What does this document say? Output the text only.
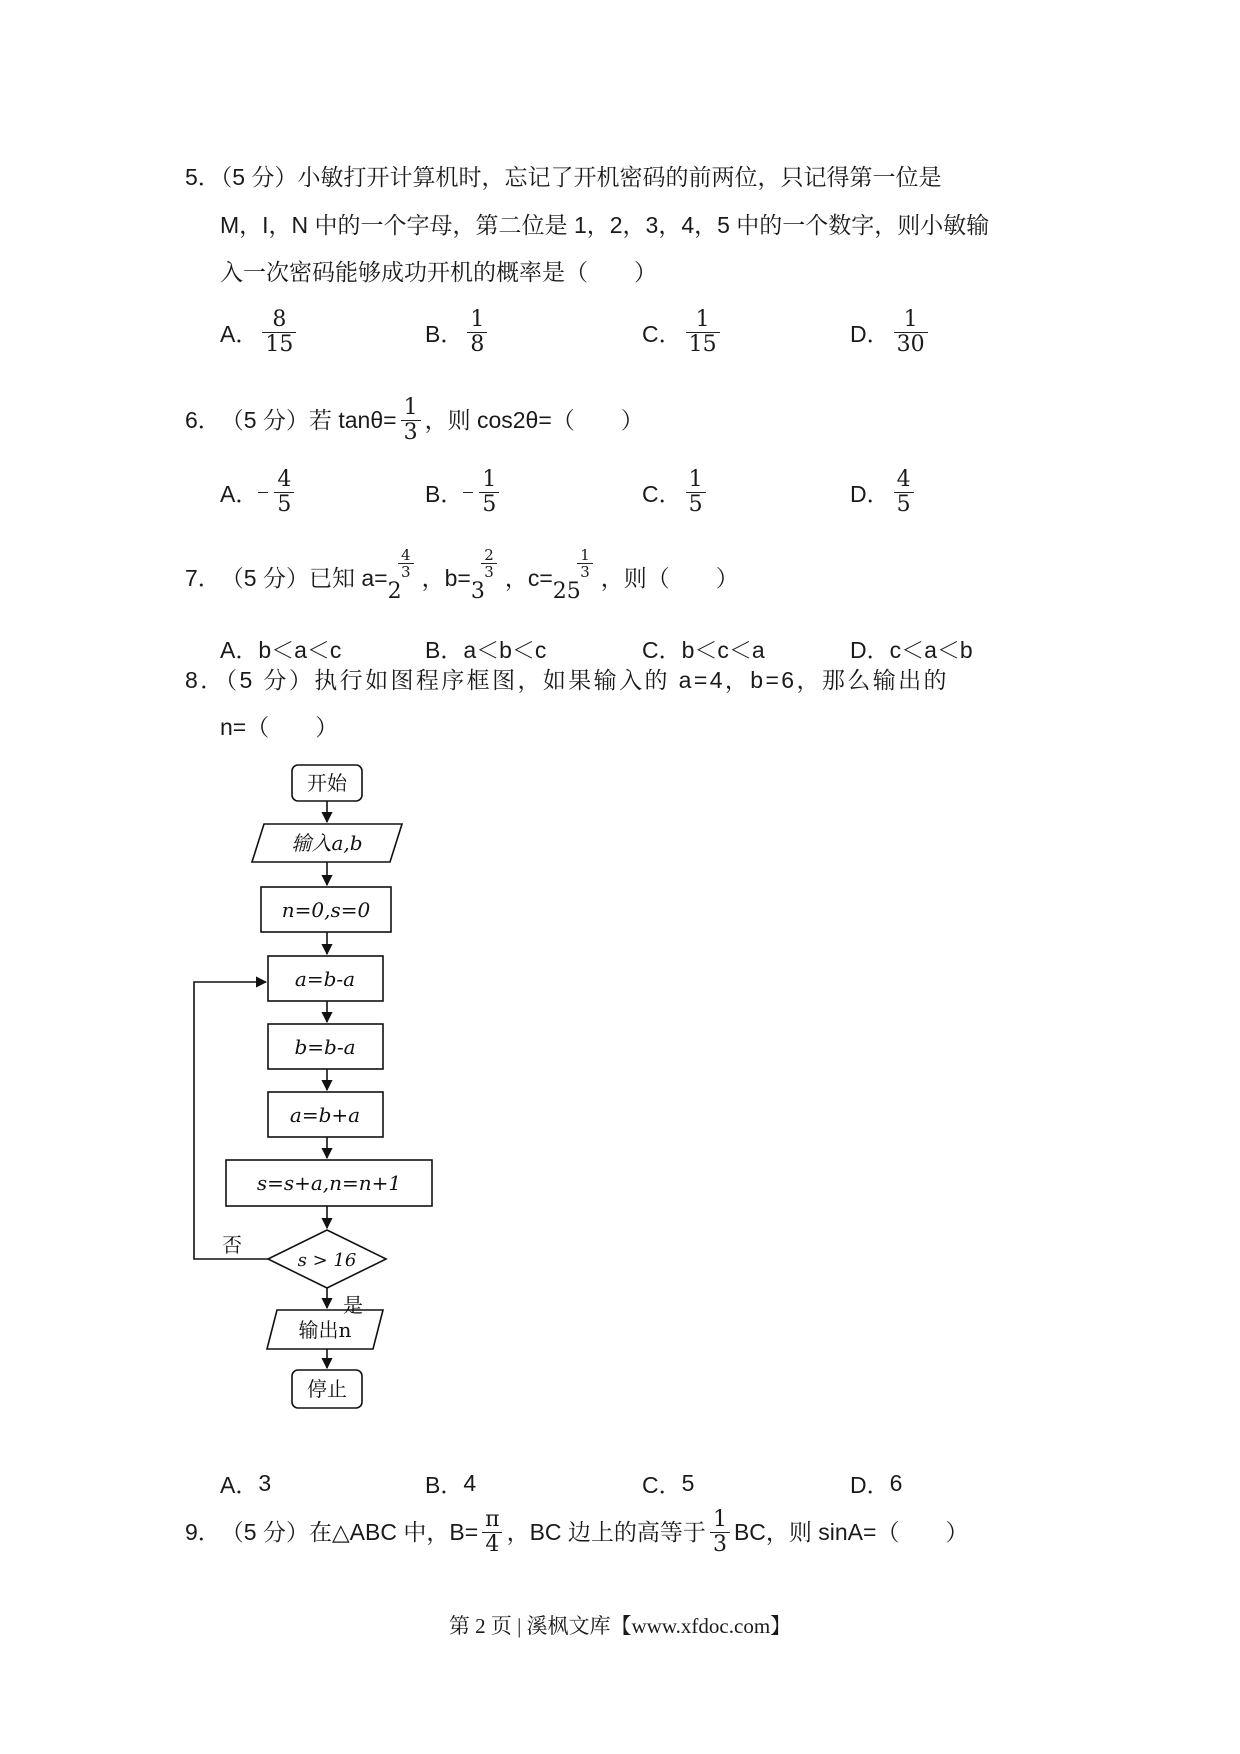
5．（5 分）小敏打开计算机时，忘记了开机密码的前两位，只记得第一位是
M，I，N 中的一个字母，第二位是 1，2，3，4，5 中的一个数字，则小敏输
入一次密码能够成功开机的概率是（　　）
A． $\frac{8}{15}$	B． $\frac{1}{8}$	C． $\frac{1}{15}$	D． $\frac{1}{30}$
6． （5 分）若 $\tan\theta= \frac{1}{3}$ ，则 cos2θ=（　　）
A． $\frac{4}{5}$	B． $\frac{1}{5}$	C． $\frac{1}{5}$	D． $\frac{4}{5}$
7． （5 分）已知 a=
2
$\frac{4}{3}$ ，b=
3
$\frac{2}{3}$ ，c=
25
$\frac{1}{3}$ ，则（　　）
A． b＜a＜c	B． a＜b＜c	C． b＜c＜a	D． c＜a＜b
8．（5 分）执行如图程序框图，如果输入的 a=4，b=6，那么输出的
n=（　　）
开始
输入a,b
n=0,s=0
a=b-a
b=b-a
a=b+a
s=s+a,n=n+1
s > 16
否
是
输出n
停止
A． 3	B． 4	C． 5	D． 6
9． （5 分）在△ABC 中，$B= \frac{\pi}{4}$ ，BC 边上的高等于 $\frac{1}{3}$ BC，则 sinA=（　　）
第 2 页 | 溪枫文库【www.xfdoc.com】
